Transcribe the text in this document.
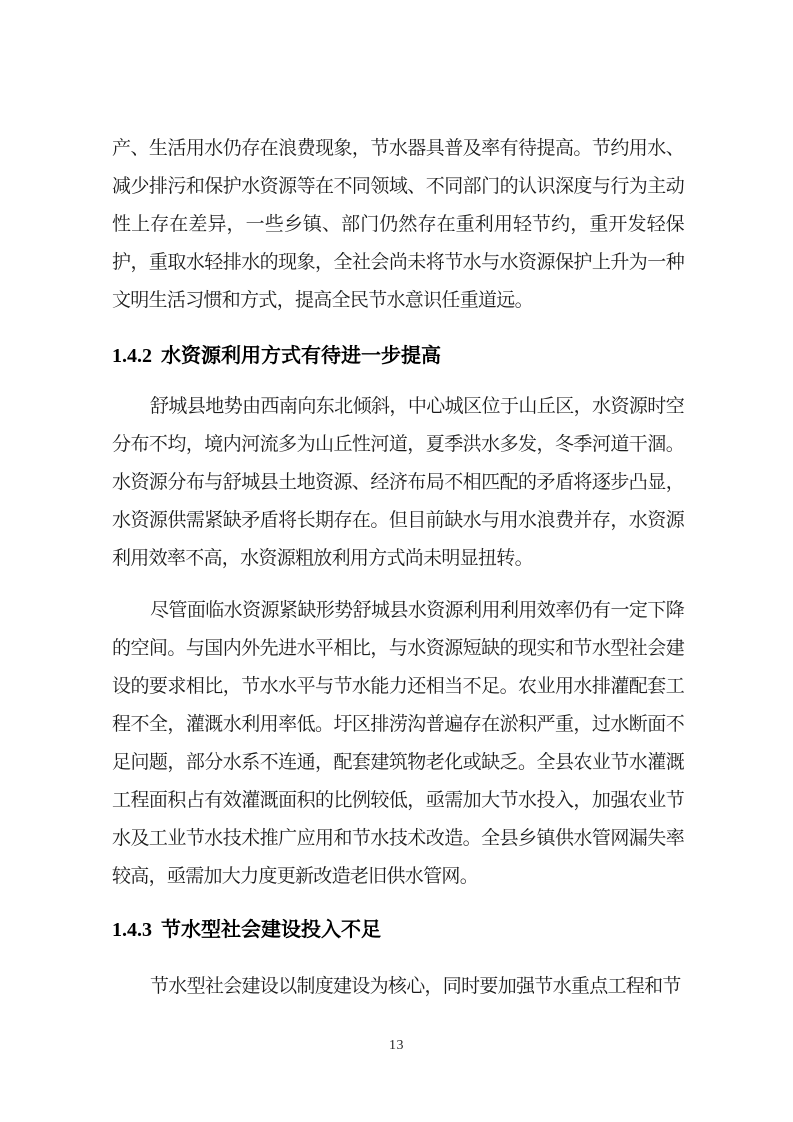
产、生活用水仍存在浪费现象，节水器具普及率有待提高。节约用水、减少排污和保护水资源等在不同领域、不同部门的认识深度与行为主动性上存在差异，一些乡镇、部门仍然存在重利用轻节约，重开发轻保护，重取水轻排水的现象，全社会尚未将节水与水资源保护上升为一种文明生活习惯和方式，提高全民节水意识任重道远。

1.4.2 水资源利用方式有待进一步提高

舒城县地势由西南向东北倾斜，中心城区位于山丘区，水资源时空分布不均，境内河流多为山丘性河道，夏季洪水多发，冬季河道干涸。水资源分布与舒城县土地资源、经济布局不相匹配的矛盾将逐步凸显，水资源供需紧缺矛盾将长期存在。但目前缺水与用水浪费并存，水资源利用效率不高，水资源粗放利用方式尚未明显扭转。

尽管面临水资源紧缺形势舒城县水资源利用利用效率仍有一定下降的空间。与国内外先进水平相比，与水资源短缺的现实和节水型社会建设的要求相比，节水水平与节水能力还相当不足。农业用水排灌配套工程不全，灌溉水利用率低。圩区排涝沟普遍存在淤积严重，过水断面不足问题，部分水系不连通，配套建筑物老化或缺乏。全县农业节水灌溉工程面积占有效灌溉面积的比例较低，亟需加大节水投入，加强农业节水及工业节水技术推广应用和节水技术改造。全县乡镇供水管网漏失率较高，亟需加大力度更新改造老旧供水管网。

1.4.3 节水型社会建设投入不足

节水型社会建设以制度建设为核心，同时要加强节水重点工程和节

13
